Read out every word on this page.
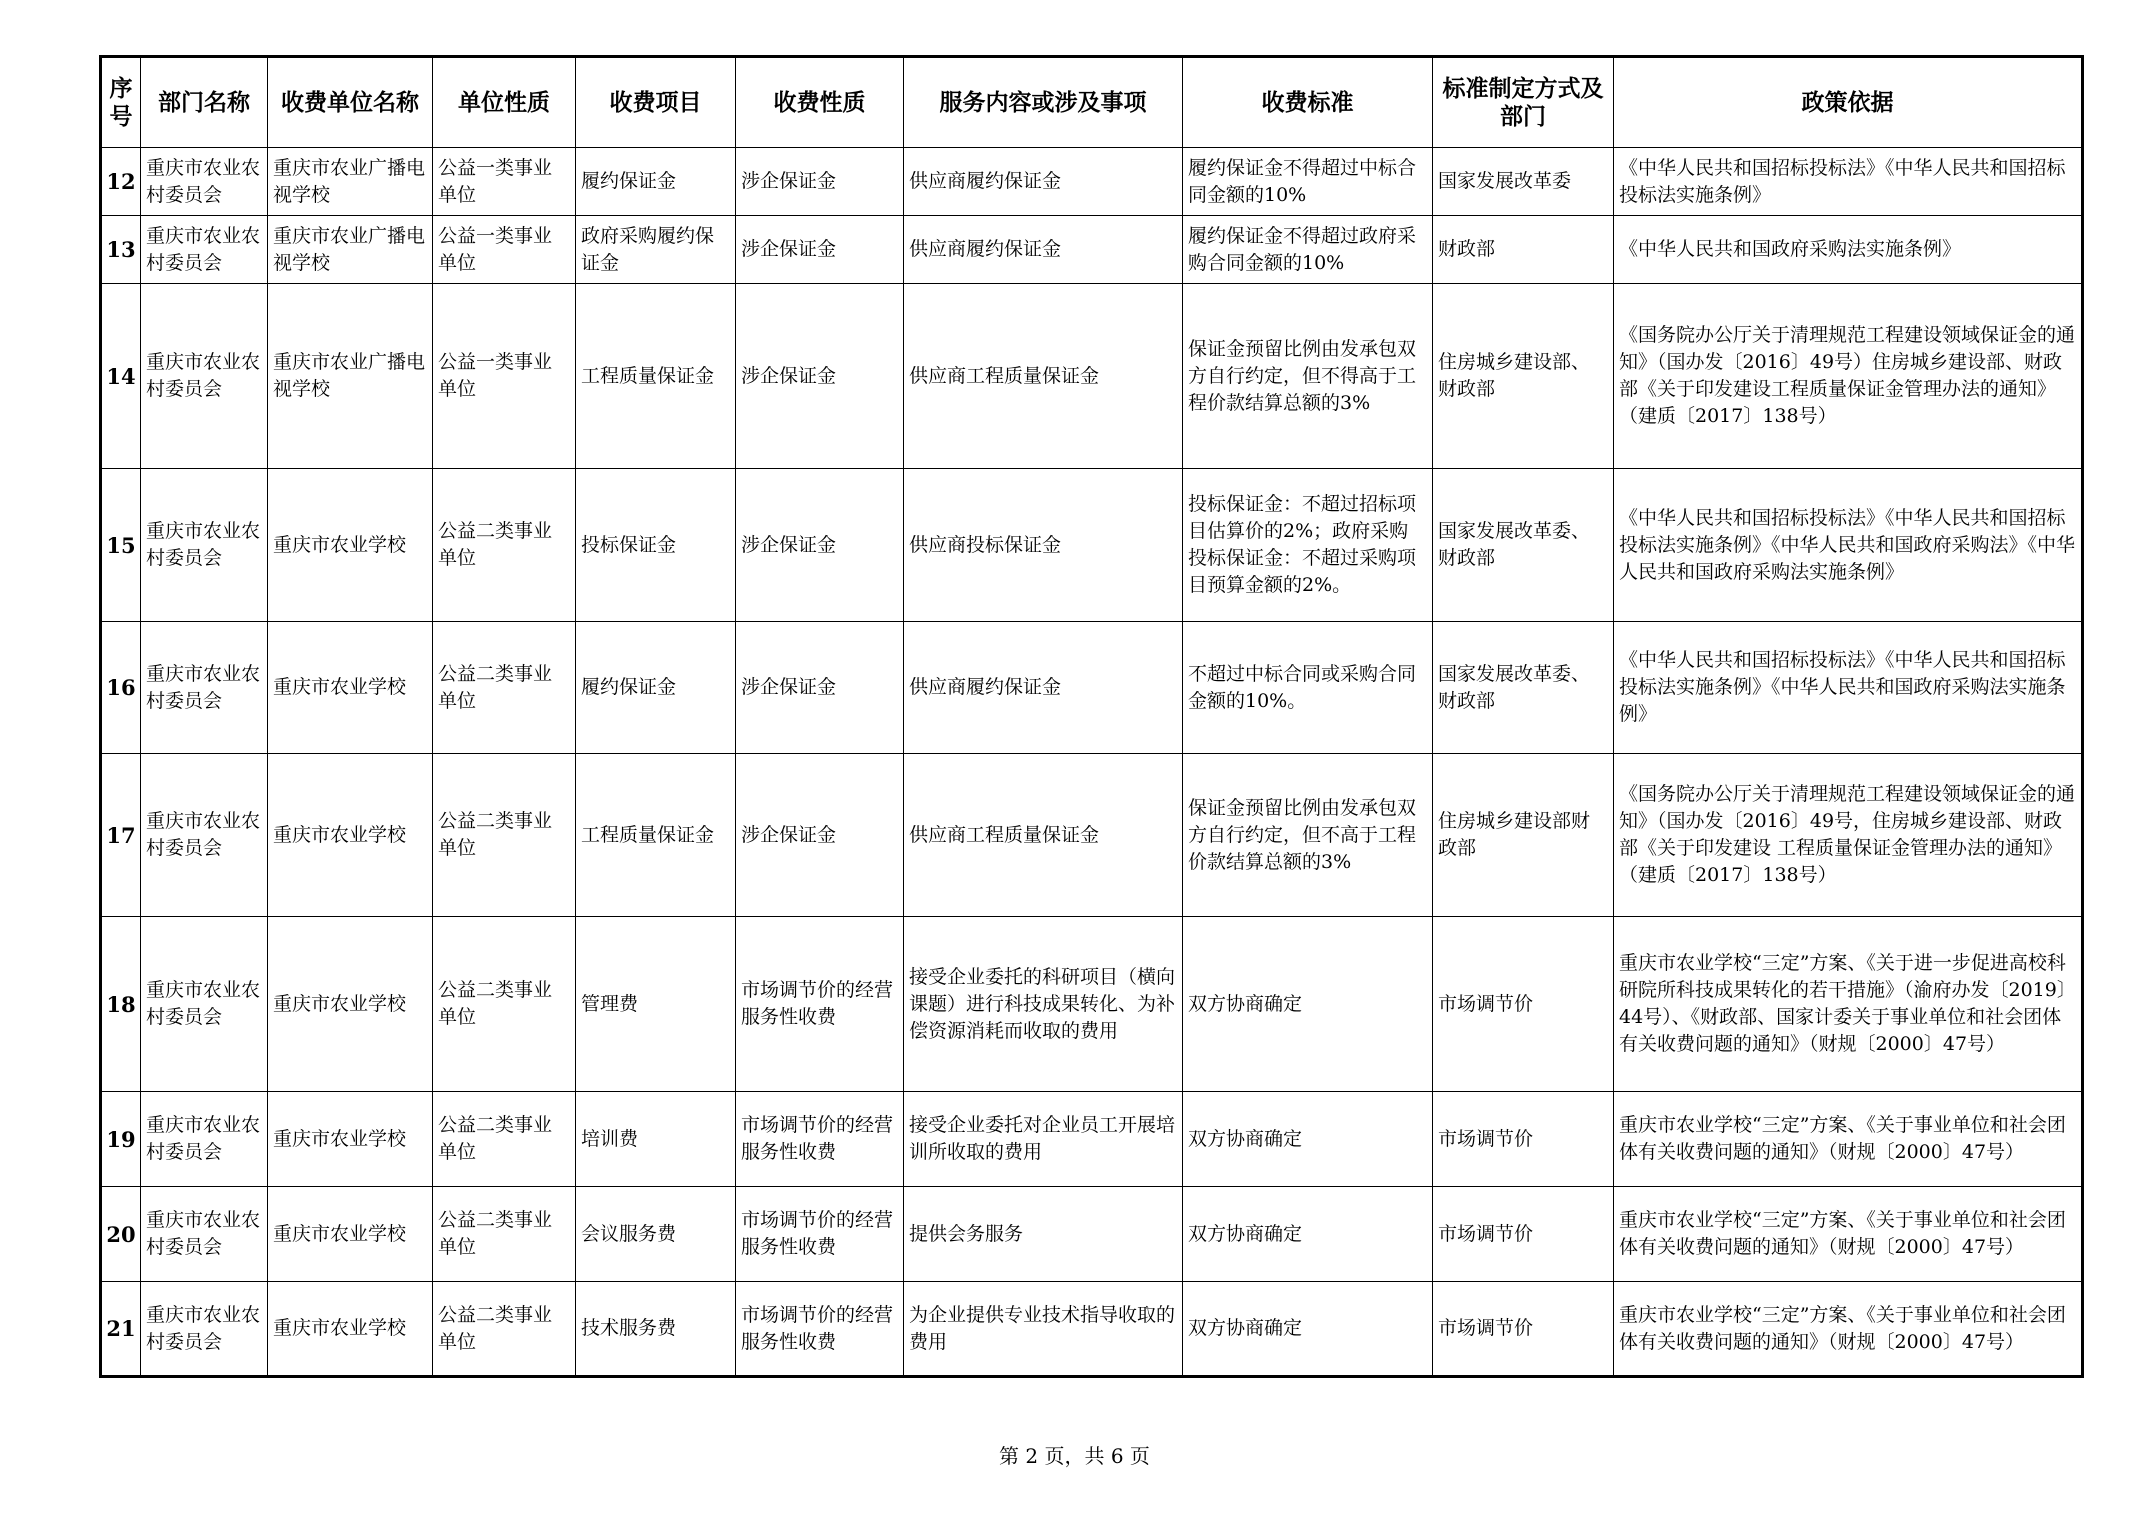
序号	部门名称	收费单位名称	单位性质	收费项目	收费性质	服务内容或涉及事项	收费标准	标准制定方式及部门	政策依据
12	重庆市农业农村委员会	重庆市农业广播电视学校	公益一类事业单位	履约保证金	涉企保证金	供应商履约保证金	履约保证金不得超过中标合同金额的10%	国家发展改革委	《中华人民共和国招标投标法》《中华人民共和国招标投标法实施条例》
13	重庆市农业农村委员会	重庆市农业广播电视学校	公益一类事业单位	政府采购履约保证金	涉企保证金	供应商履约保证金	履约保证金不得超过政府采购合同金额的10%	财政部	《中华人民共和国政府采购法实施条例》
14	重庆市农业农村委员会	重庆市农业广播电视学校	公益一类事业单位	工程质量保证金	涉企保证金	供应商工程质量保证金	保证金预留比例由发承包双方自行约定，但不得高于工程价款结算总额的3%	住房城乡建设部、财政部	《国务院办公厅关于清理规范工程建设领域保证金的通知》（国办发〔2016〕49号）住房城乡建设部、财政部《关于印发建设工程质量保证金管理办法的通知》（建质〔2017〕138号）
15	重庆市农业农村委员会	重庆市农业学校	公益二类事业单位	投标保证金	涉企保证金	供应商投标保证金	投标保证金：不超过招标项目估算价的2%；政府采购投标保证金：不超过采购项目预算金额的2%。	国家发展改革委、财政部	《中华人民共和国招标投标法》《中华人民共和国招标投标法实施条例》《中华人民共和国政府采购法》《中华人民共和国政府采购法实施条例》
16	重庆市农业农村委员会	重庆市农业学校	公益二类事业单位	履约保证金	涉企保证金	供应商履约保证金	不超过中标合同或采购合同金额的10%。	国家发展改革委、财政部	《中华人民共和国招标投标法》《中华人民共和国招标投标法实施条例》《中华人民共和国政府采购法实施条例》
17	重庆市农业农村委员会	重庆市农业学校	公益二类事业单位	工程质量保证金	涉企保证金	供应商工程质量保证金	保证金预留比例由发承包双方自行约定，但不高于工程价款结算总额的3%	住房城乡建设部财政部	《国务院办公厅关于清理规范工程建设领域保证金的通知》（国办发〔2016〕49号，住房城乡建设部、财政部《关于印发建设 工程质量保证金管理办法的通知》（建质〔2017〕138号）
18	重庆市农业农村委员会	重庆市农业学校	公益二类事业单位	管理费	市场调节价的经营服务性收费	接受企业委托的科研项目（横向课题）进行科技成果转化、为补偿资源消耗而收取的费用	双方协商确定	市场调节价	重庆市农业学校“三定”方案、《关于进一步促进高校科研院所科技成果转化的若干措施》（渝府办发〔2019〕44号）、《财政部、国家计委关于事业单位和社会团体有关收费问题的通知》（财规〔2000〕47号）
19	重庆市农业农村委员会	重庆市农业学校	公益二类事业单位	培训费	市场调节价的经营服务性收费	接受企业委托对企业员工开展培训所收取的费用	双方协商确定	市场调节价	重庆市农业学校“三定”方案、《关于事业单位和社会团体有关收费问题的通知》（财规〔2000〕47号）
20	重庆市农业农村委员会	重庆市农业学校	公益二类事业单位	会议服务费	市场调节价的经营服务性收费	提供会务服务	双方协商确定	市场调节价	重庆市农业学校“三定”方案、《关于事业单位和社会团体有关收费问题的通知》（财规〔2000〕47号）
21	重庆市农业农村委员会	重庆市农业学校	公益二类事业单位	技术服务费	市场调节价的经营服务性收费	为企业提供专业技术指导收取的费用	双方协商确定	市场调节价	重庆市农业学校“三定”方案、《关于事业单位和社会团体有关收费问题的通知》（财规〔2000〕47号）
第 2 页，共 6 页
